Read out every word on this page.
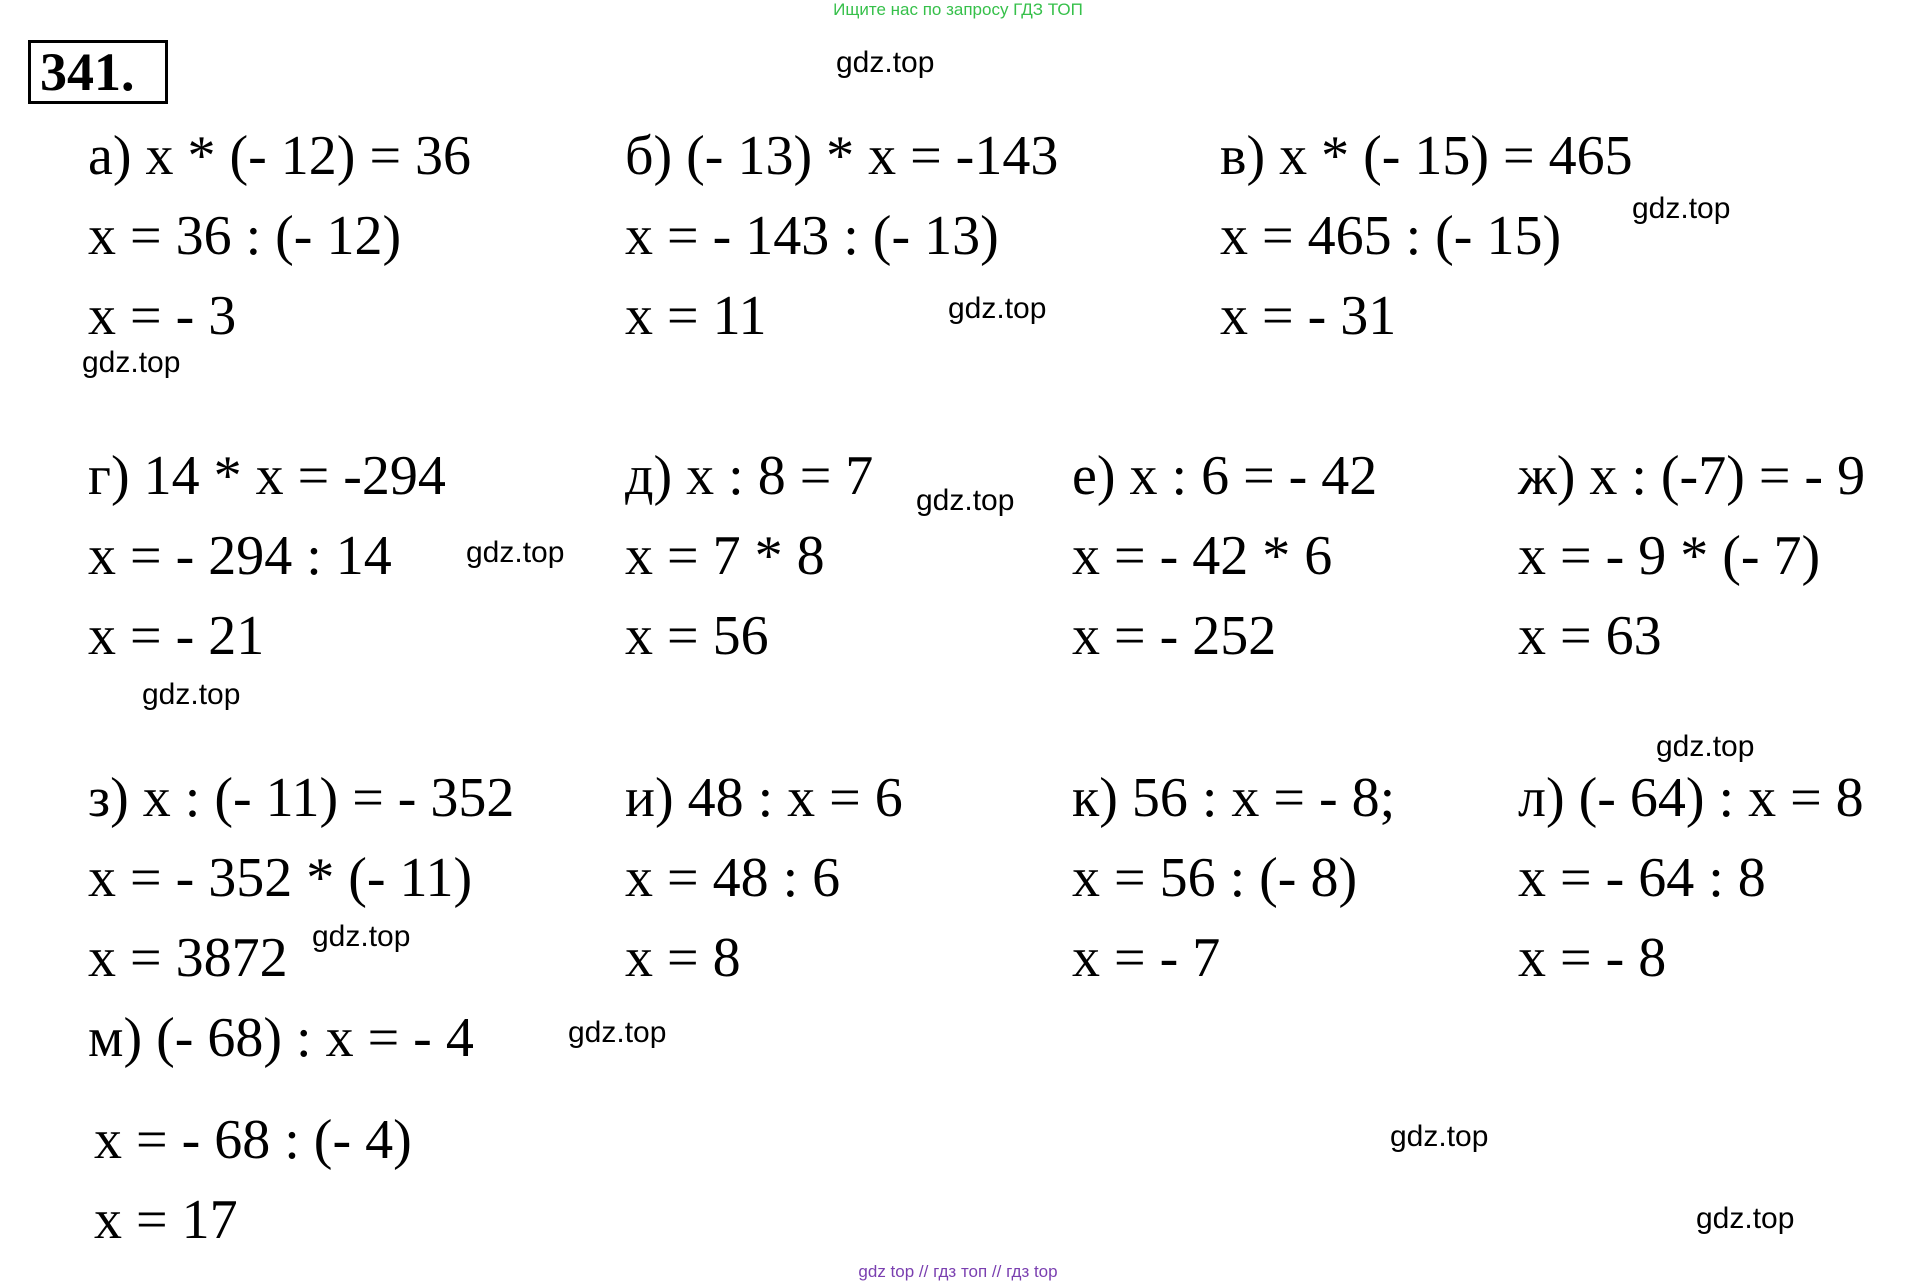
Ищите нас по запросу ГДЗ ТОП
341.
а) x * (- 12) = 36
x = 36 : (- 12)
x = - 3
б) (- 13) * x = -143
x = - 143 : (- 13)
x = 11
в) x * (- 15) = 465
x = 465 : (- 15)
x = - 31
г) 14 * x = -294
x = - 294 : 14
x = - 21
д) x : 8 = 7
x = 7 * 8
x = 56
е) x : 6 = - 42
x = - 42 * 6
x = - 252
ж) x : (-7) = - 9
x = - 9 * (- 7)
x = 63
з) x : (- 11) = - 352
x = - 352 * (- 11)
x = 3872
и) 48 : x = 6
x = 48 : 6
x = 8
к) 56 : x = - 8;
x = 56 : (- 8)
x = - 7
л) (- 64) : x = 8
x = - 64 : 8
x = - 8
м) (- 68) : x = - 4
x = - 68 : (- 4)
x = 17
gdz.top
gdz.top
gdz.top
gdz.top
gdz.top
gdz.top
gdz.top
gdz.top
gdz.top
gdz.top
gdz.top
gdz.top
gdz top // гдз топ // гдз top
